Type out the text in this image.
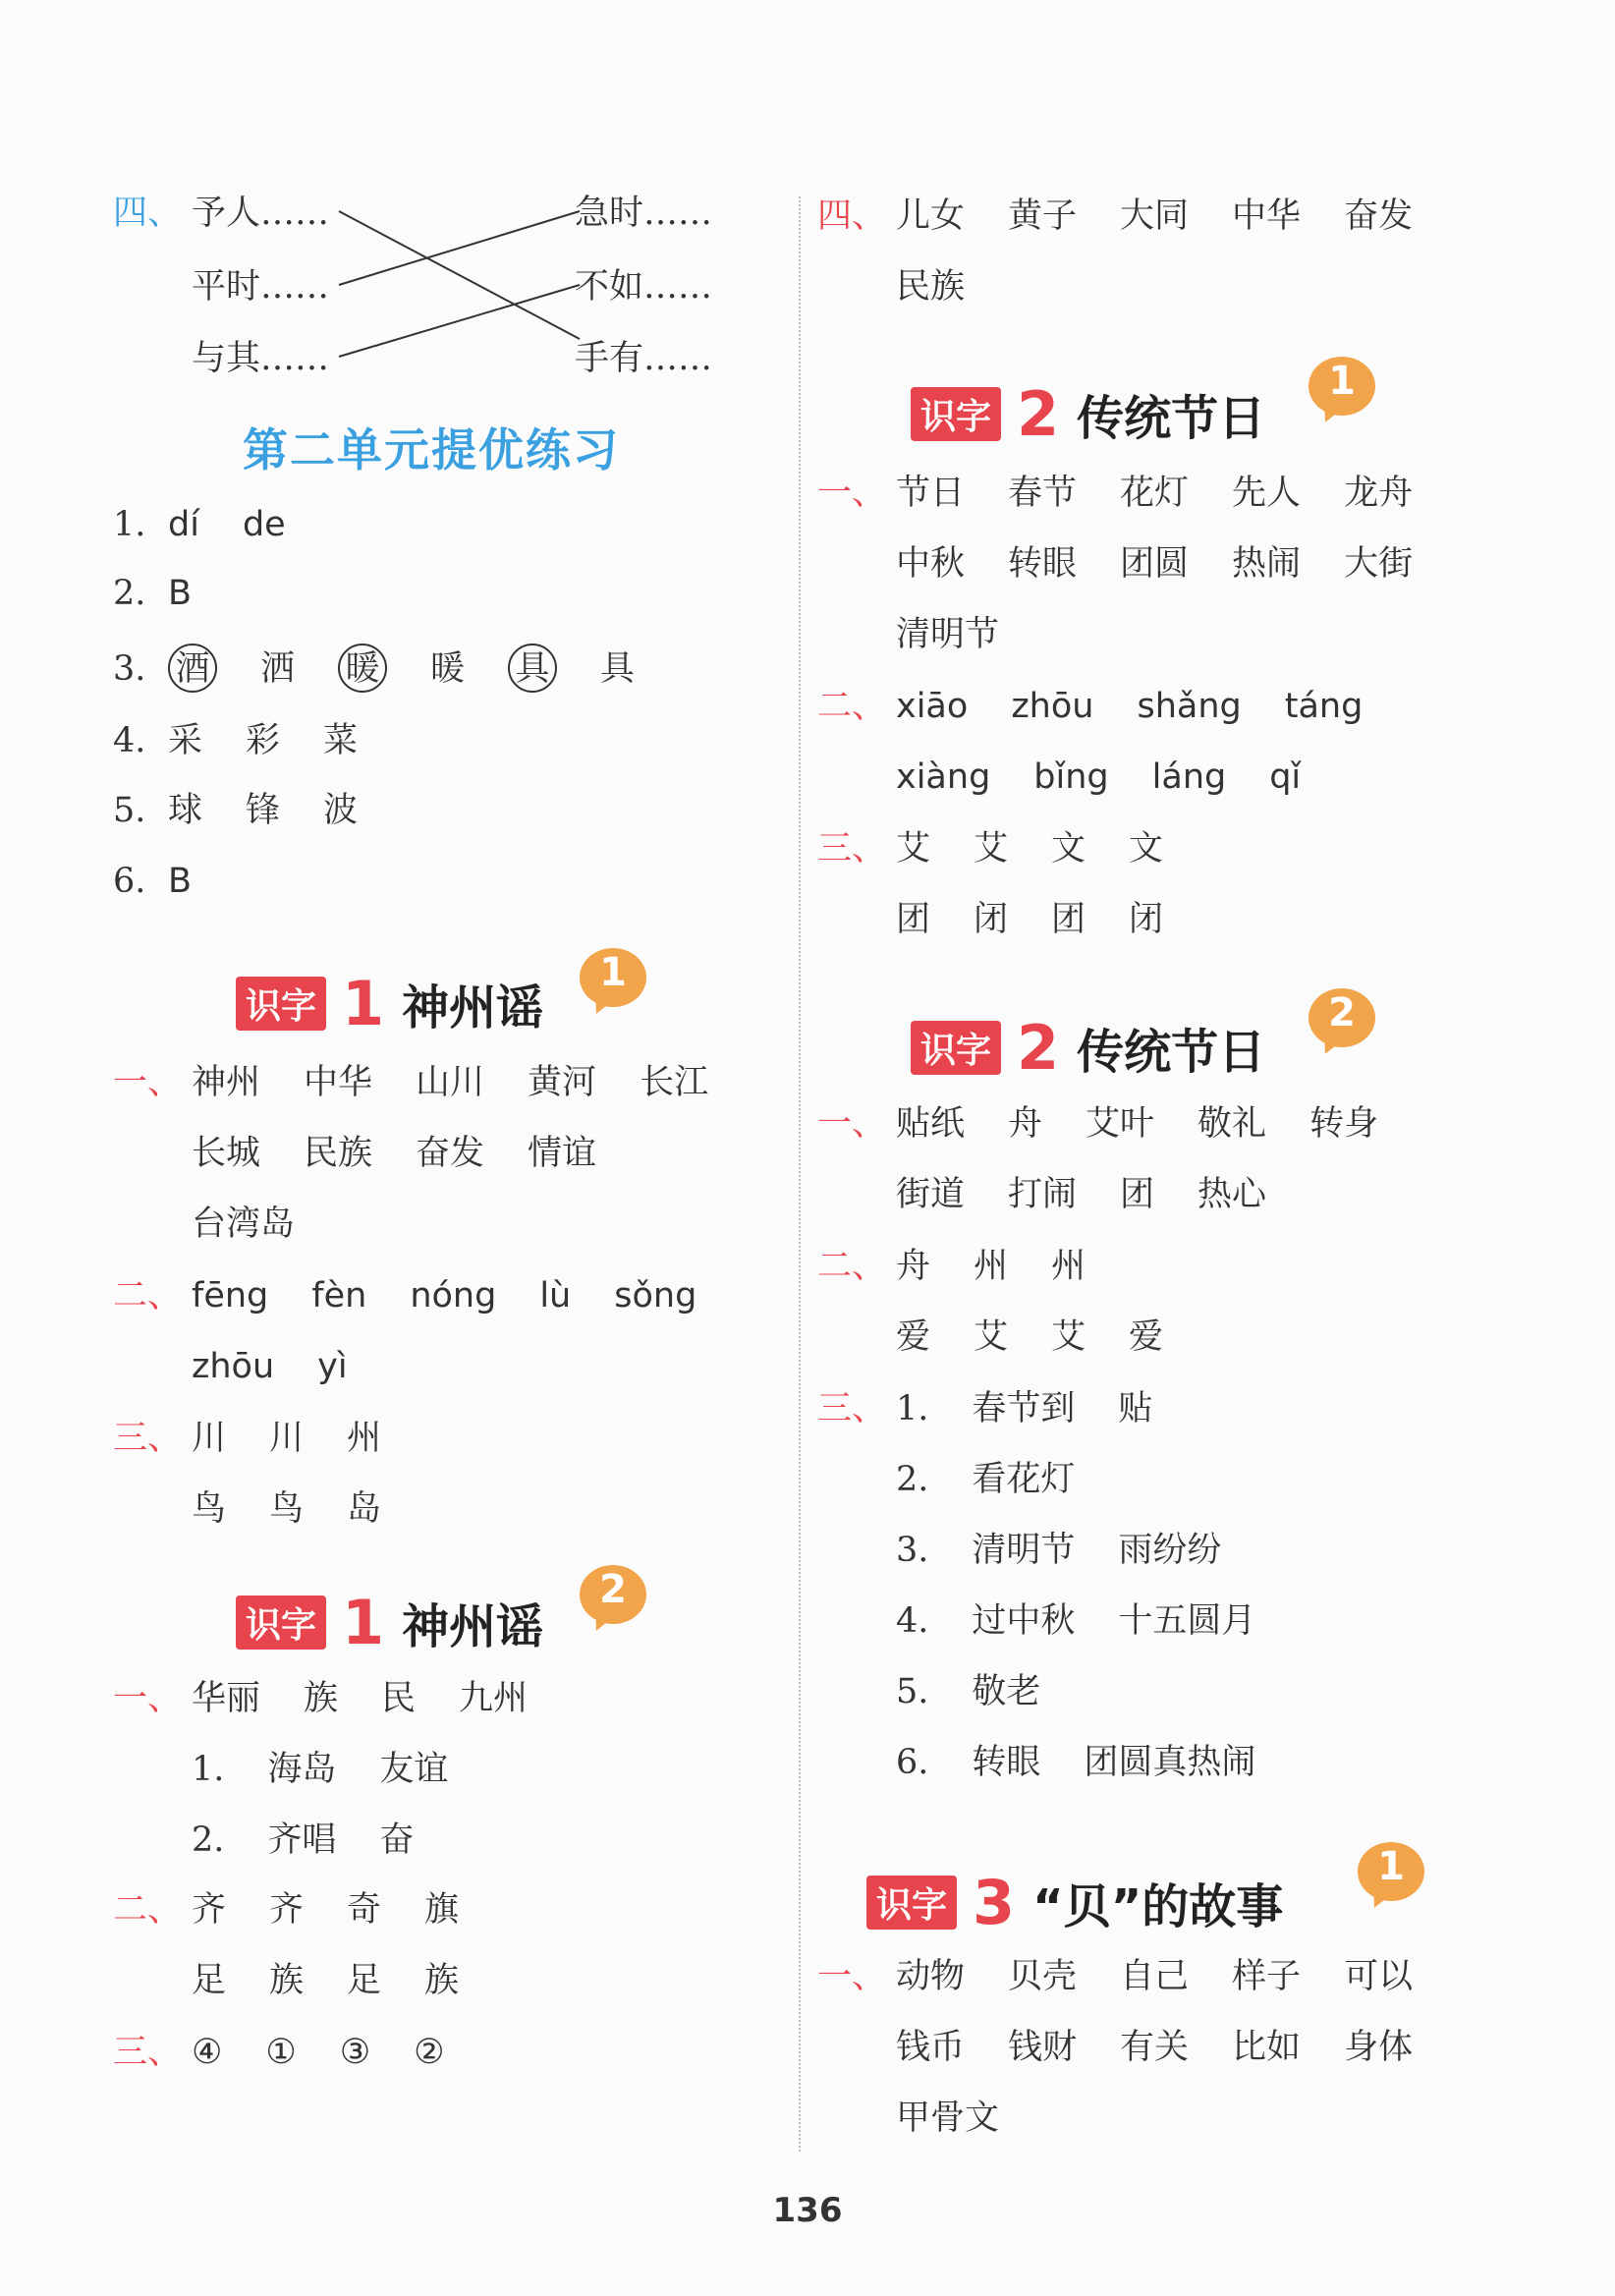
四、 予人……
平时……
与其……
急时……
不如……
手有……
第二单元提优练习
1. dí de
2. B
3. 酒 洒 暖 暖 具 具
4. 采 彩 菜
5. 球 锋 波
6. B
识字 1 神州谣
1
一、 神州 中华 山川 黄河 长江
长城 民族 奋发 情谊
台湾岛
二、 fēng fèn nóng lù sǒng
zhōu yì
三、 川 川 州
鸟 鸟 岛
识字 1 神州谣
2
一、 华丽 族 民 九州
1. 海岛 友谊
2. 齐唱 奋
二、 齐 齐 奇 旗
足 族 足 族
三、 ④ ① ③ ②
四、 儿女 黄子 大同 中华 奋发
民族
识字 2 传统节日
1
一、 节日 春节 花灯 先人 龙舟
中秋 转眼 团圆 热闹 大街
清明节
二、 xiāo zhōu shǎng táng
xiàng bǐng láng qǐ
三、 艾 艾 文 文
团 闭 团 闭
识字 2 传统节日
2
一、 贴纸 舟 艾叶 敬礼 转身
街道 打闹 团 热心
二、 舟 州 州
爱 艾 艾 爱
三、 1. 春节到 贴
2. 看花灯
3. 清明节 雨纷纷
4. 过中秋 十五圆月
5. 敬老
6. 转眼 团圆真热闹
识字 3 “贝”的故事
1
一、 动物 贝壳 自己 样子 可以
钱币 钱财 有关 比如 身体
甲骨文
136
